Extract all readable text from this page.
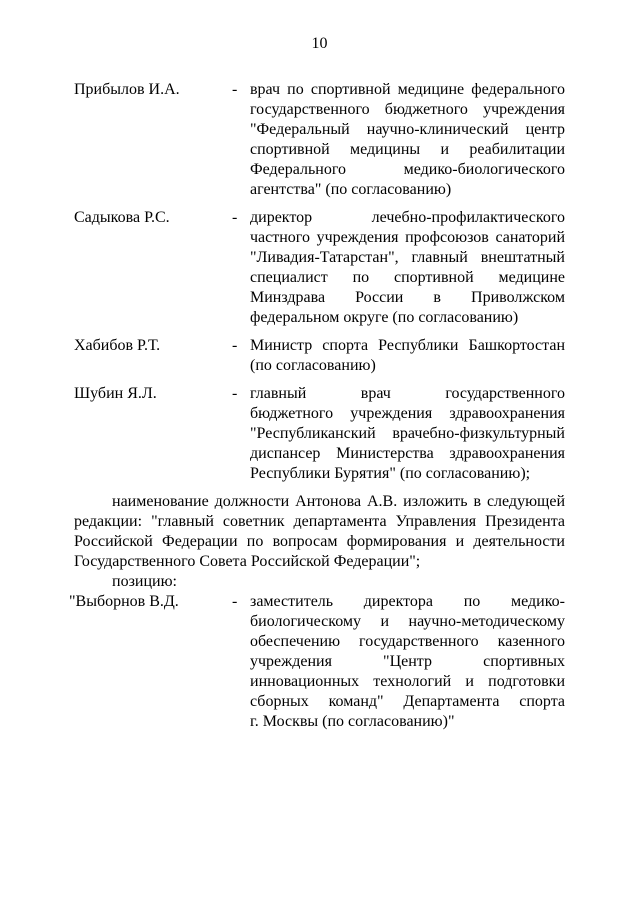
10
Прибылов И.А.	- врач по спортивной медицине федерального
государственного бюджетного учреждения
"Федеральный научно-клинический центр
спортивной медицины и реабилитации
Федерального медико-биологического
агентства" (по согласованию)
Садыкова Р.С.	- директор лечебно-профилактического
частного учреждения профсоюзов санаторий
"Ливадия-Татарстан", главный внештатный
специалист по спортивной медицине
Минздрава России в Приволжском
федеральном округе (по согласованию)
Хабибов Р.Т.	- Министр спорта Республики Башкортостан
(по согласованию)
Шубин Я.Л.	- главный врач государственного
бюджетного учреждения здравоохранения
"Республиканский врачебно-физкультурный
диспансер Министерства здравоохранения
Республики Бурятия" (по согласованию);
наименование должности Антонова А.В. изложить в следующей
редакции: "главный советник департамента Управления Президента
Российской Федерации по вопросам формирования и деятельности
Государственного Совета Российской Федерации";
позицию:
"Выборнов В.Д.	- заместитель директора по медико-
биологическому и научно-методическому
обеспечению государственного казенного
учреждения "Центр спортивных
инновационных технологий и подготовки
сборных команд" Департамента спорта
г. Москвы (по согласованию)"
